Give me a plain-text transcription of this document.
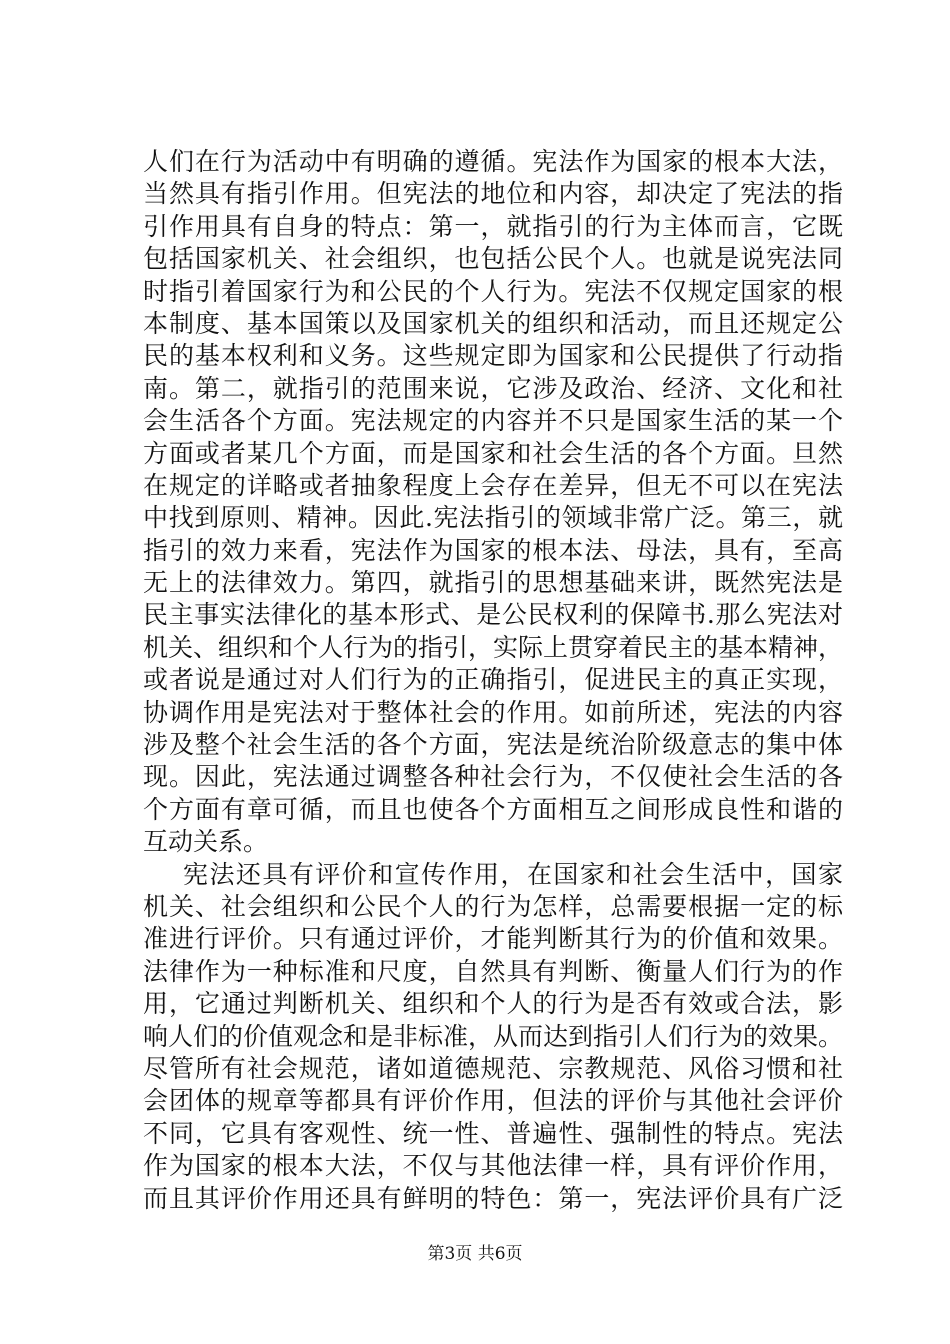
人们在行为活动中有明确的遵循。宪法作为国家的根本大法，
当然具有指引作用。但宪法的地位和内容，却决定了宪法的指
引作用具有自身的特点：第一，就指引的行为主体而言，它既
包括国家机关、社会组织，也包括公民个人。也就是说宪法同
时指引着国家行为和公民的个人行为。宪法不仅规定国家的根
本制度、基本国策以及国家机关的组织和活动，而且还规定公
民的基本权利和义务。这些规定即为国家和公民提供了行动指
南。第二，就指引的范围来说，它涉及政治、经济、文化和社
会生活各个方面。宪法规定的内容并不只是国家生活的某一个
方面或者某几个方面，而是国家和社会生活的各个方面。旦然
在规定的详略或者抽象程度上会存在差异，但无不可以在宪法
中找到原则、精神。因此.宪法指引的领域非常广泛。第三，就
指引的效力来看，宪法作为国家的根本法、母法，具有，至高
无上的法律效力。第四，就指引的思想基础来讲，既然宪法是
民主事实法律化的基本形式、是公民权利的保障书.那么宪法对
机关、组织和个人行为的指引，实际上贯穿着民主的基本精神，
或者说是通过对人们行为的正确指引，促进民主的真正实现，
协调作用是宪法对于整体社会的作用。如前所述，宪法的内容
涉及整个社会生活的各个方面，宪法是统治阶级意志的集中体
现。因此，宪法通过调整各种社会行为，不仅使社会生活的各
个方面有章可循，而且也使各个方面相互之间形成良性和谐的
互动关系。
宪法还具有评价和宣传作用，在国家和社会生活中，国家
机关、社会组织和公民个人的行为怎样，总需要根据一定的标
准进行评价。只有通过评价，才能判断其行为的价值和效果。
法律作为一种标准和尺度，自然具有判断、衡量人们行为的作
用，它通过判断机关、组织和个人的行为是否有效或合法，影
响人们的价值观念和是非标准，从而达到指引人们行为的效果。
尽管所有社会规范，诸如道德规范、宗教规范、风俗习惯和社
会团体的规章等都具有评价作用，但法的评价与其他社会评价
不同，它具有客观性、统一性、普遍性、强制性的特点。宪法
作为国家的根本大法，不仅与其他法律一样，具有评价作用，
而且其评价作用还具有鲜明的特色：第一，宪法评价具有广泛
第3页 共6页
